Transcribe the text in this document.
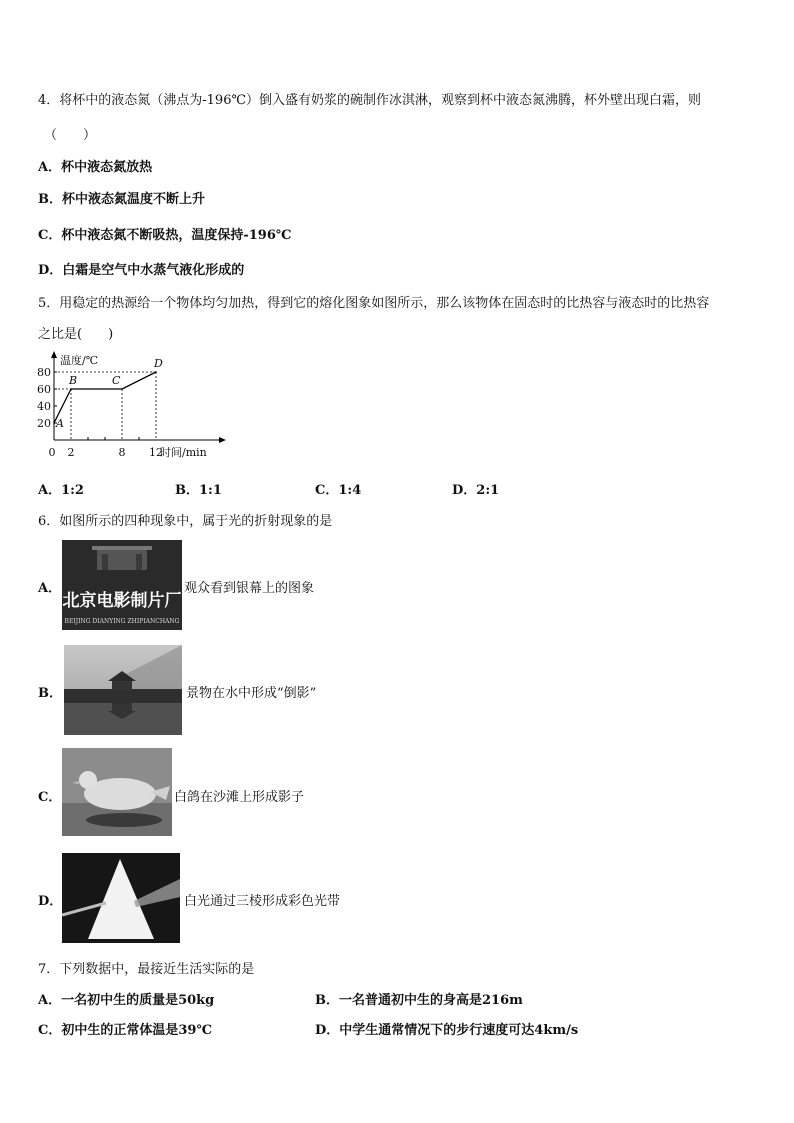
4．将杯中的液态氮（沸点为-196℃）倒入盛有奶浆的碗制作冰淇淋，观察到杯中液态氮沸腾，杯外壁出现白霜，则
（　　）
A．杯中液态氮放热
B．杯中液态氮温度不断上升
C．杯中液态氮不断吸热，温度保持-196℃
D．白霜是空气中水蒸气液化形成的
5．用稳定的热源给一个物体均匀加热，得到它的熔化图象如图所示，那么该物体在固态时的比热容与液态时的比热容
之比是(　　)
温度/℃
时间/min
20
40
60
80
0 2	8 12
A
B	C
D
A．1:2	B．1:1	C．1:4	D．2:1
6．如图所示的四种现象中，属于光的折射现象的是
A．
北京电影制片厂
BEIJING DIANYING ZHIPIANCHANG
观众看到银幕上的图象
B．	景物在水中形成“倒影”
C．	白鸽在沙滩上形成影子
D．	白光通过三棱形成彩色光带
7．下列数据中，最接近生活实际的是
A．一名初中生的质量是50kg	B．一名普通初中生的身高是216m
C．初中生的正常体温是39℃	D．中学生通常情况下的步行速度可达4km/s
